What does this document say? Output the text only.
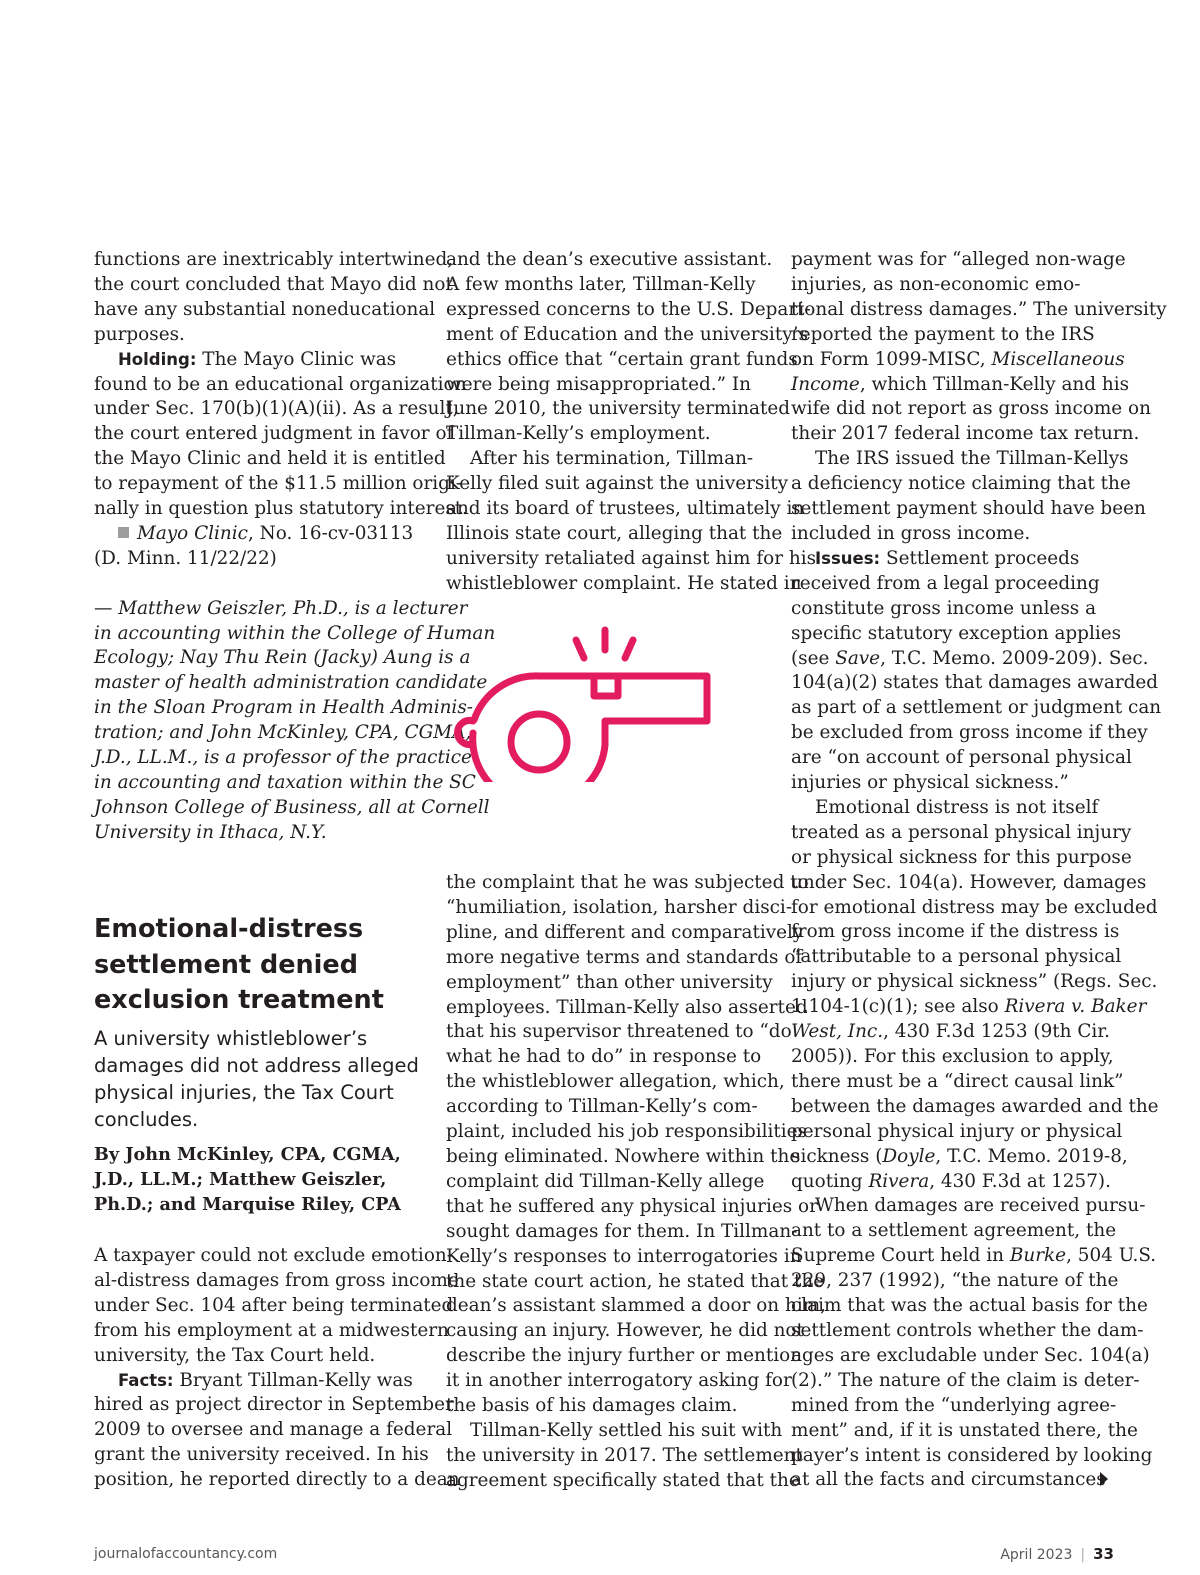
functions are inextricably intertwined,
the court concluded that Mayo did not
have any substantial noneducational
purposes.

Holding: The Mayo Clinic was
found to be an educational organization
under Sec. 170(b)(1)(A)(ii). As a result,
the court entered judgment in favor of
the Mayo Clinic and held it is entitled
to repayment of the $11.5 million origi-
nally in question plus statutory interest.

Mayo Clinic, No. 16-cv-03113
(D. Minn. 11/22/22)

— Matthew Geiszler, Ph.D., is a lecturer
in accounting within the College of Human
Ecology; Nay Thu Rein (Jacky) Aung is a
master of health administration candidate
in the Sloan Program in Health Adminis-
tration; and John McKinley, CPA, CGMA,
J.D., LL.M., is a professor of the practice
in accounting and taxation within the SC
Johnson College of Business, all at Cornell
University in Ithaca, N.Y.

Emotional-distress
settlement denied
exclusion treatment
A university whistleblower’s
damages did not address alleged
physical injuries, the Tax Court
concludes.
By John McKinley, CPA, CGMA,
J.D., LL.M.; Matthew Geiszler,
Ph.D.; and Marquise Riley, CPA

A taxpayer could not exclude emotion-
al-distress damages from gross income
under Sec. 104 after being terminated
from his employment at a midwestern
university, the Tax Court held.

Facts: Bryant Tillman-Kelly was
hired as project director in September
2009 to oversee and manage a federal
grant the university received. In his
position, he reported directly to a dean

and the dean’s executive assistant.
A few months later, Tillman-Kelly
expressed concerns to the U.S. Depart-
ment of Education and the university’s
ethics office that “certain grant funds
were being misappropriated.” In
June 2010, the university terminated
Tillman-Kelly’s employment.

After his termination, Tillman-
Kelly filed suit against the university
and its board of trustees, ultimately in
Illinois state court, alleging that the
university retaliated against him for his
whistleblower complaint. He stated in

the complaint that he was subjected to
“humiliation, isolation, harsher disci-
pline, and different and comparatively
more negative terms and standards of
employment” than other university
employees. Tillman-Kelly also asserted
that his supervisor threatened to “do
what he had to do” in response to
the whistleblower allegation, which,
according to Tillman-Kelly’s com-
plaint, included his job responsibilities
being eliminated. Nowhere within the
complaint did Tillman-Kelly allege
that he suffered any physical injuries or
sought damages for them. In Tillman-
Kelly’s responses to interrogatories in
the state court action, he stated that the
dean’s assistant slammed a door on him,
causing an injury. However, he did not
describe the injury further or mention
it in another interrogatory asking for
the basis of his damages claim.

Tillman-Kelly settled his suit with
the university in 2017. The settlement
agreement specifically stated that the

payment was for “alleged non-wage
injuries, as non-economic emo-
tional distress damages.” The university
reported the payment to the IRS
on Form 1099-MISC, Miscellaneous
Income, which Tillman-Kelly and his
wife did not report as gross income on
their 2017 federal income tax return.

The IRS issued the Tillman-Kellys
a deficiency notice claiming that the
settlement payment should have been
included in gross income.

Issues: Settlement proceeds
received from a legal proceeding
constitute gross income unless a
specific statutory exception applies
(see Save, T.C. Memo. 2009-209). Sec.
104(a)(2) states that damages awarded
as part of a settlement or judgment can
be excluded from gross income if they
are “on account of personal physical
injuries or physical sickness.”

Emotional distress is not itself
treated as a personal physical injury
or physical sickness for this purpose
under Sec. 104(a). However, damages
for emotional distress may be excluded
from gross income if the distress is
“attributable to a personal physical
injury or physical sickness” (Regs. Sec.
1.104-1(c)(1); see also Rivera v. Baker
West, Inc., 430 F.3d 1253 (9th Cir.
2005)). For this exclusion to apply,
there must be a “direct causal link”
between the damages awarded and the
personal physical injury or physical
sickness (Doyle, T.C. Memo. 2019-8,
quoting Rivera, 430 F.3d at 1257).

When damages are received pursu-
ant to a settlement agreement, the
Supreme Court held in Burke, 504 U.S.
229, 237 (1992), “the nature of the
claim that was the actual basis for the
settlement controls whether the dam-
ages are excludable under Sec. 104(a)
(2).” The nature of the claim is deter-
mined from the “underlying agree-
ment” and, if it is unstated there, the
payer’s intent is considered by looking
at all the facts and circumstances

journalofaccountancy.com	April 2023 | 33
